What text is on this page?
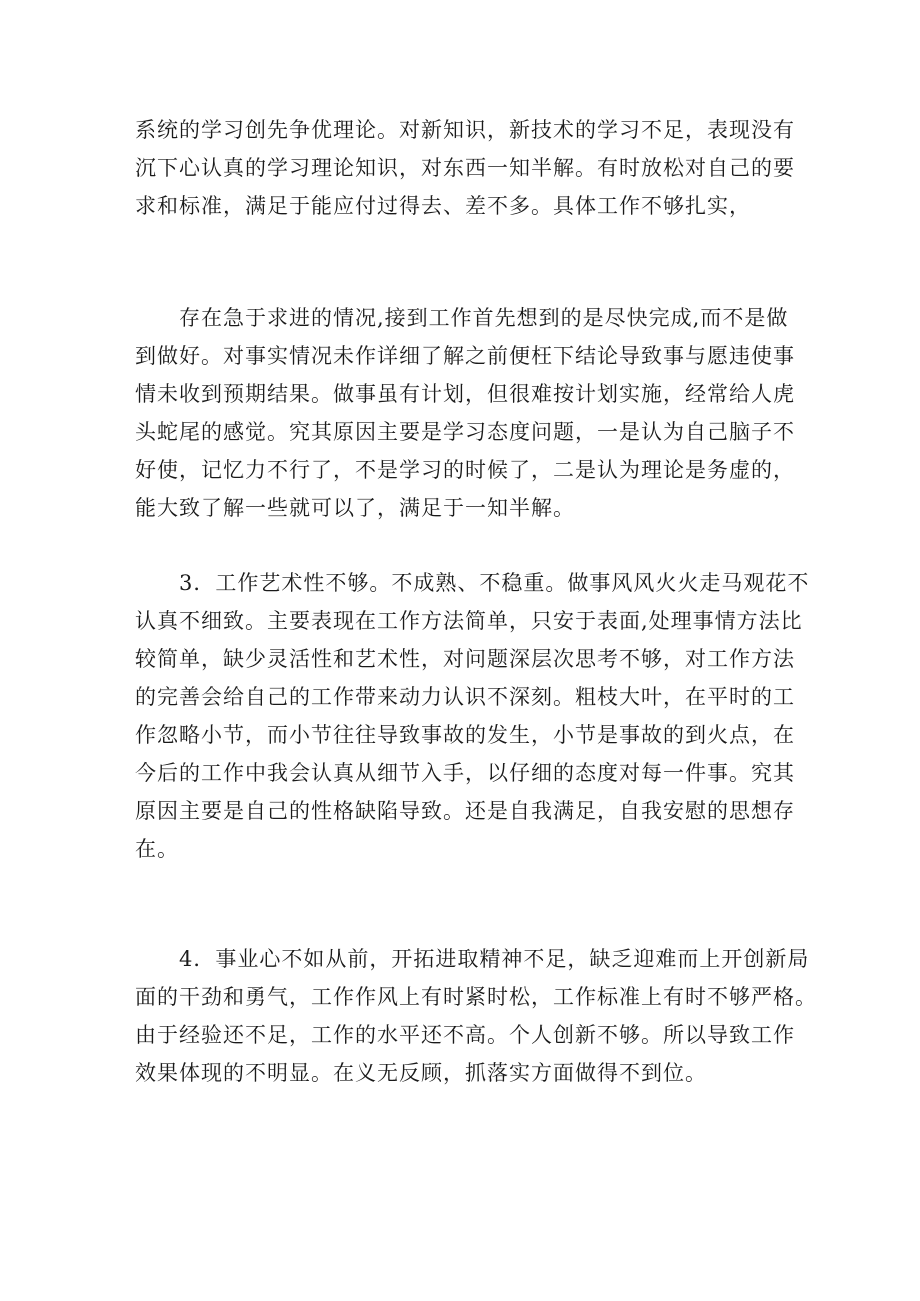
系统的学习创先争优理论。对新知识，新技术的学习不足，表现没有
沉下心认真的学习理论知识，对东西一知半解。有时放松对自己的要
求和标准，满足于能应付过得去、差不多。具体工作不够扎实，
　　存在急于求进的情况,接到工作首先想到的是尽快完成,而不是做
到做好。对事实情况未作详细了解之前便枉下结论导致事与愿违使事
情未收到预期结果。做事虽有计划，但很难按计划实施，经常给人虎
头蛇尾的感觉。究其原因主要是学习态度问题，一是认为自己脑子不
好使，记忆力不行了，不是学习的时候了，二是认为理论是务虚的，
能大致了解一些就可以了，满足于一知半解。
　　3．工作艺术性不够。不成熟、不稳重。做事风风火火走马观花不
认真不细致。主要表现在工作方法简单，只安于表面,处理事情方法比
较简单，缺少灵活性和艺术性，对问题深层次思考不够，对工作方法
的完善会给自己的工作带来动力认识不深刻。粗枝大叶，在平时的工
作忽略小节，而小节往往导致事故的发生，小节是事故的到火点，在
今后的工作中我会认真从细节入手，以仔细的态度对每一件事。究其
原因主要是自己的性格缺陷导致。还是自我满足，自我安慰的思想存
在。
　　4．事业心不如从前，开拓进取精神不足，缺乏迎难而上开创新局
面的干劲和勇气，工作作风上有时紧时松，工作标准上有时不够严格。
由于经验还不足，工作的水平还不高。个人创新不够。所以导致工作
效果体现的不明显。在义无反顾，抓落实方面做得不到位。
